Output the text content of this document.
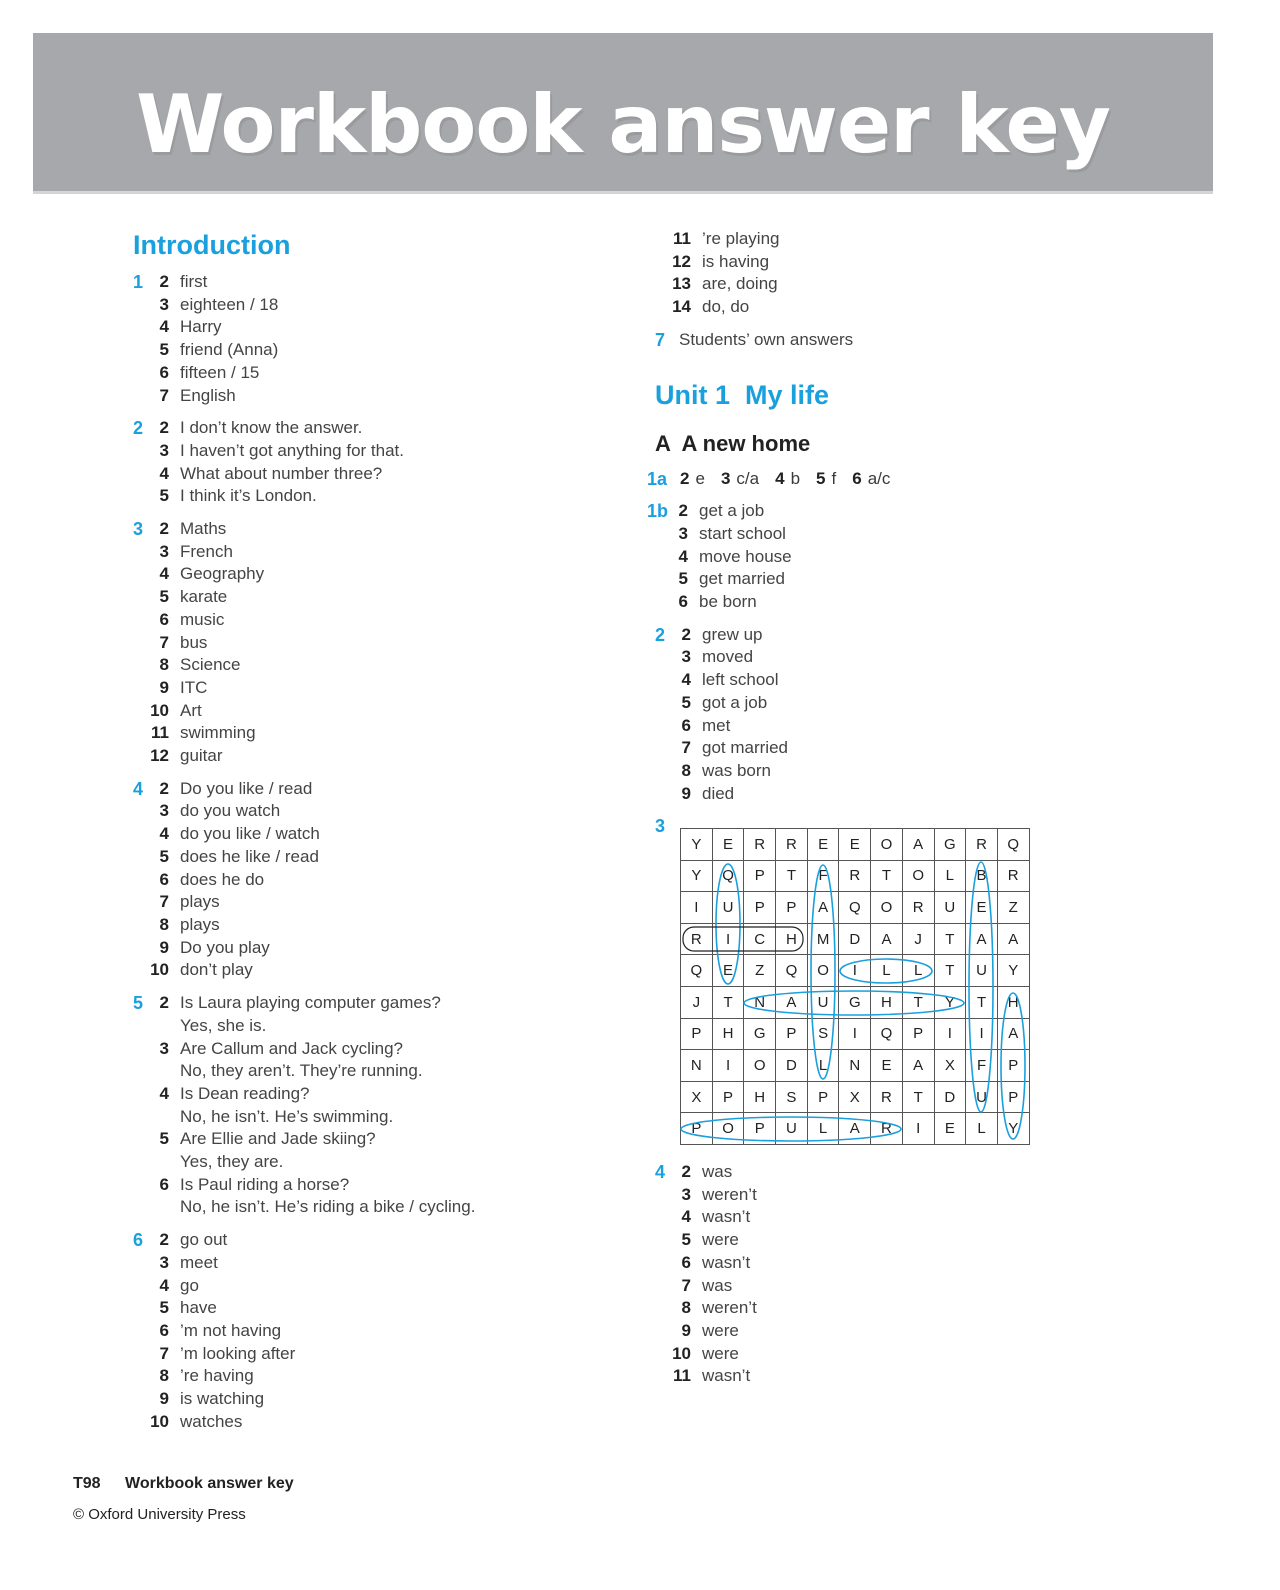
Workbook answer key
Introduction
1 2 first
3 eighteen / 18
4 Harry
5 friend (Anna)
6 fifteen / 15
7 English
2 2 I don’t know the answer.
3 I haven’t got anything for that.
4 What about number three?
5 I think it’s London.
3 2 Maths
3 French
4 Geography
5 karate
6 music
7 bus
8 Science
9 ITC
10 Art
11 swimming
12 guitar
4 2 Do you like / read
3 do you watch
4 do you like / watch
5 does he like / read
6 does he do
7 plays
8 plays
9 Do you play
10 don’t play
5 2 Is Laura playing computer games?
Yes, she is.
3 Are Callum and Jack cycling?
No, they aren’t. They’re running.
4 Is Dean reading?
No, he isn’t. He’s swimming.
5 Are Ellie and Jade skiing?
Yes, they are.
6 Is Paul riding a horse?
No, he isn’t. He’s riding a bike / cycling.
6 2 go out
3 meet
4 go
5 have
6 ’m not having
7 ’m looking after
8 ’re having
9 is watching
10 watches
11 ’re playing
12 is having
13 are, doing
14 do, do
7 Students’ own answers
Unit 1  My life
A  A new home
1a 2 e 3 c/a 4 b 5 f 6 a/c
1b 2 get a job
3 start school
4 move house
5 get married
6 be born
2 2 grew up
3 moved
4 left school
5 got a job
6 met
7 got married
8 was born
9 died
3
Y	E	R	R	E	E	O	A	G	R	Q
Y	Q	P	T	F	R	T	O	L	B	R
I	U	P	P	A	Q	O	R	U	E	Z
R	I	C	H	M	D	A	J	T	A	A
Q	E	Z	Q	O	I	L	L	T	U	Y
J	T	N	A	U	G	H	T	Y	T	H
P	H	G	P	S	I	Q	P	I	I	A
N	I	O	D	L	N	E	A	X	F	P
X	P	H	S	P	X	R	T	D	U	P
P	O	P	U	L	A	R	I	E	L	Y
4 2 was
3 weren’t
4 wasn’t
5 were
6 wasn’t
7 was
8 weren’t
9 were
10 were
11 wasn’t
T98 Workbook answer key
© Oxford University Press
